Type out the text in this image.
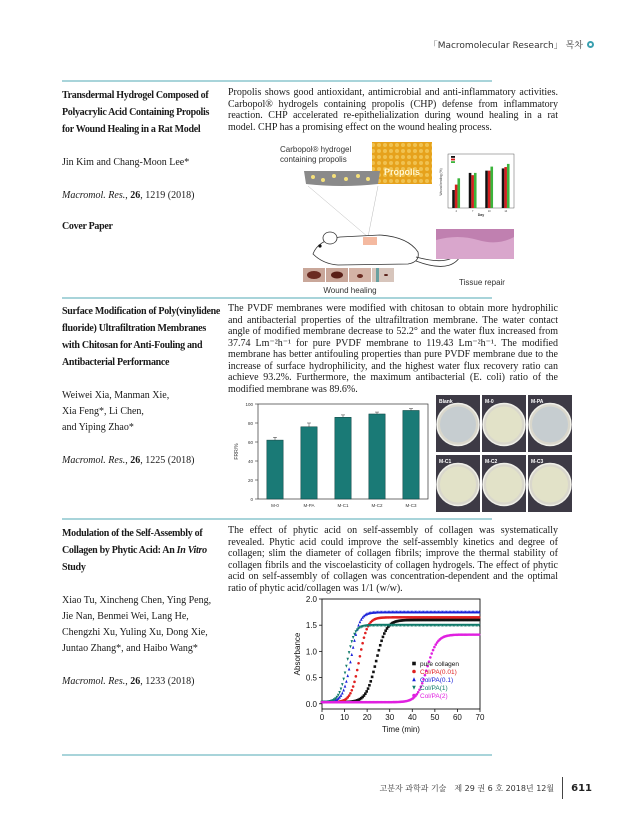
「Macromolecular Research」 목차
Transdermal Hydrogel Composed of Polyacrylic Acid Containing Propolis for Wound Healing in a Rat Model
Jin Kim and Chang-Moon Lee*
Macromol. Res., 26, 1219 (2018)
Cover Paper
Propolis shows good antioxidant, antimicrobial and anti-inflammatory activities. Carbopol® hydrogels containing propolis (CHP) defense from inflammatory reaction. CHP accelerated re-epithelialization during wound healing in a rat model. CHP has a promising effect on the wound healing process.
Carbopol® hydrogel
containing propolis
Propolis
Wound healing
4	7	10	14
Wound healing (%)
Day
Tissue repair
Surface Modification of Poly(vinylidene fluoride) Ultrafiltration Membranes with Chitosan for Anti-Fouling and Antibacterial Performance
Weiwei Xia, Manman Xie,
Xia Feng*, Li Chen,
and Yiping Zhao*
Macromol. Res., 26, 1225 (2018)
The PVDF membranes were modified with chitosan to obtain more hydrophilic and antibacterial properties of the ultrafiltration membrane. The water contact angle of modified membrane decrease to 52.2° and the water flux increased from 37.74 Lm⁻²h⁻¹ for pure PVDF membrane to 119.43 Lm⁻²h⁻¹. The modified membrane has better antifouling properties than pure PVDF membrane due to the increase of surface hydrophilicity, and the highest water flux recovery ratio can achieve 93.2%. Furthermore, the maximum antibacterial (E. coli) ratio of the modified membrane was 89.6%.
0
20
40
60
80
100
FRR/%
M-0	M-PA	M-C1	M-C2	M-C3
Blank	M-0	M-PA
M-C1	M-C2	M-C3
Modulation of the Self-Assembly of Collagen by Phytic Acid: An In Vitro Study
Xiao Tu, Xincheng Chen, Ying Peng,
Jie Nan, Benmei Wei, Lang He,
Chengzhi Xu, Yuling Xu, Dong Xie,
Juntao Zhang*, and Haibo Wang*
Macromol. Res., 26, 1233 (2018)
The effect of phytic acid on self-assembly of collagen was systematically revealed. Phytic acid could improve the self-assembly kinetics and degree of collagen; slim the diameter of collagen fibrils; improve the thermal stability of collagen fibrils and the viscoelasticity of collagen hydrogels. The effect of phytic acid on self-assembly of collagen was concentration-dependent and the optimal ratio of phytic acid/collagen was 1/1 (w/w).
0 10 20 30 40 50 60 70
0.0
0.5
1.0
1.5
2.0
Time (min)
Absorbance	pure collagen
Col/PA(0.01)
Col/PA(0.1)
Col/PA(1)
Col/PA(2)
고분자 과학과 기술 제 29 권 6 호 2018년 12월 611
